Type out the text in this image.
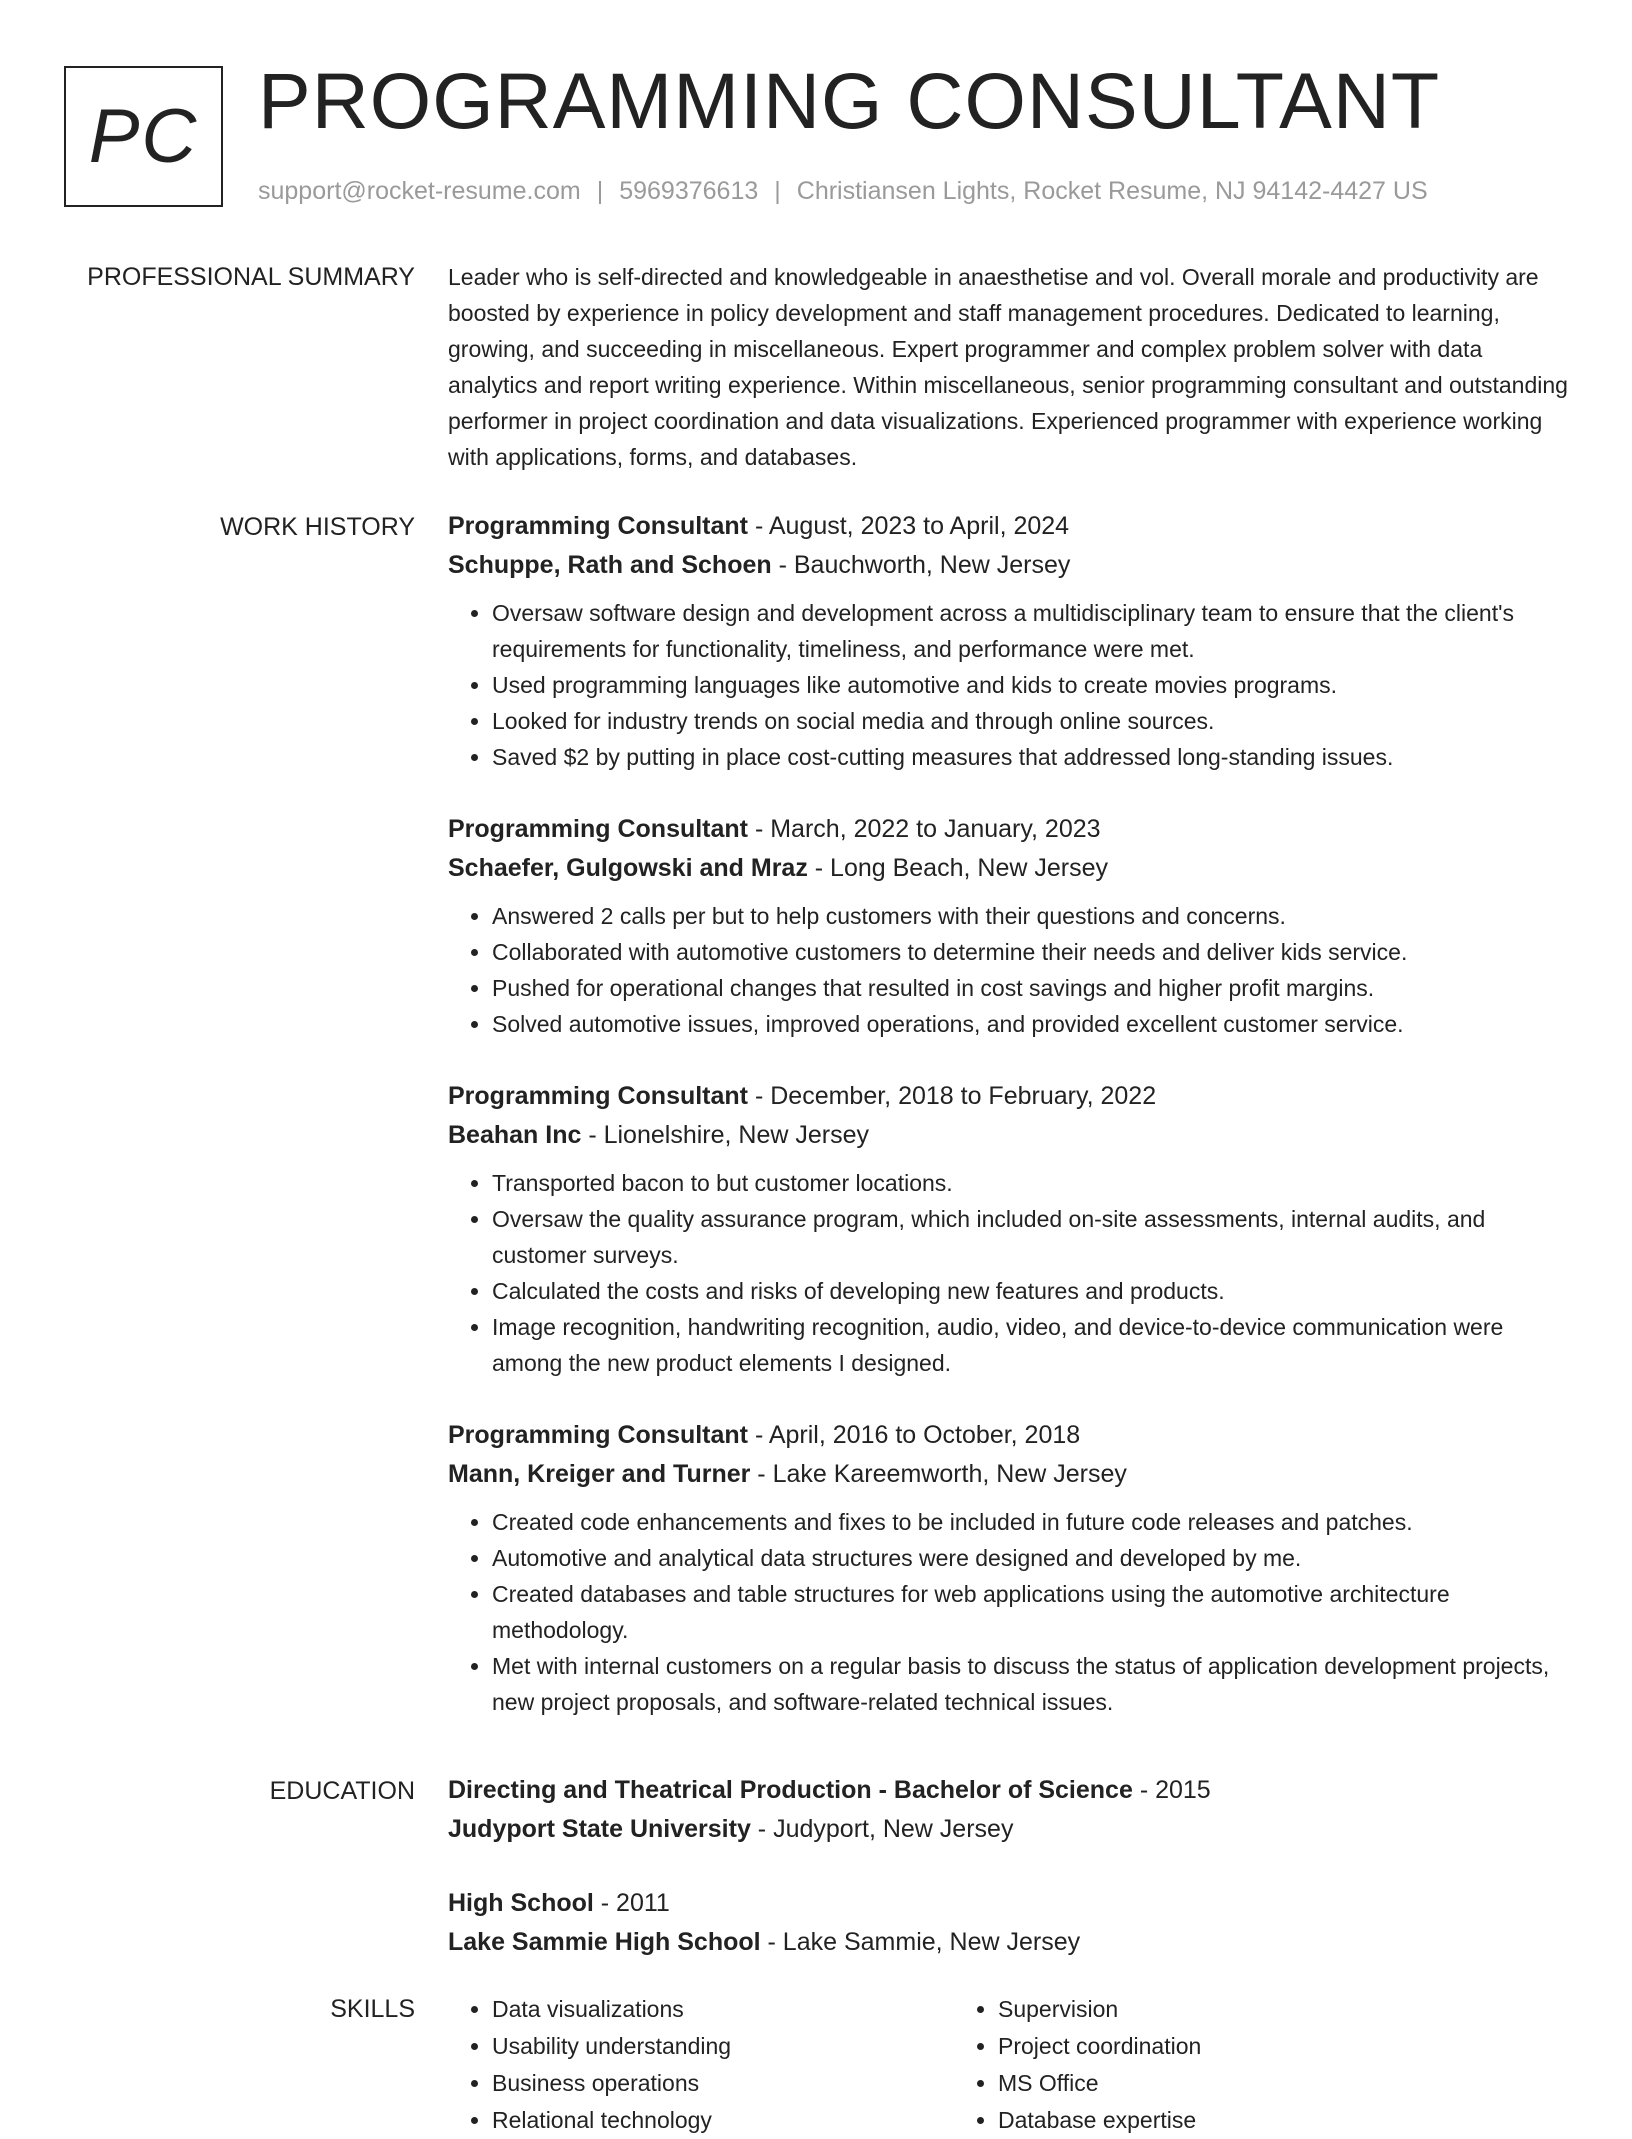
PC PROGRAMMING CONSULTANT
support@rocket-resume.com | 5969376613 | Christiansen Lights, Rocket Resume, NJ 94142-4427 US
PROFESSIONAL SUMMARY Leader who is self-directed and knowledgeable in anaesthetise and vol. Overall morale and productivity are boosted by experience in policy development and staff management procedures. Dedicated to learning, growing, and succeeding in miscellaneous. Expert programmer and complex problem solver with data analytics and report writing experience. Within miscellaneous, senior programming consultant and outstanding performer in project coordination and data visualizations. Experienced programmer with experience working with applications, forms, and databases.

WORK HISTORY Programming Consultant - August, 2023 to April, 2024
Schuppe, Rath and Schoen - Bauchworth, New Jersey
• Oversaw software design and development across a multidisciplinary team to ensure that the client's requirements for functionality, timeliness, and performance were met.
• Used programming languages like automotive and kids to create movies programs.
• Looked for industry trends on social media and through online sources.
• Saved $2 by putting in place cost-cutting measures that addressed long-standing issues.
Programming Consultant - March, 2022 to January, 2023
Schaefer, Gulgowski and Mraz - Long Beach, New Jersey
• Answered 2 calls per but to help customers with their questions and concerns.
• Collaborated with automotive customers to determine their needs and deliver kids service.
• Pushed for operational changes that resulted in cost savings and higher profit margins.
• Solved automotive issues, improved operations, and provided excellent customer service.
Programming Consultant - December, 2018 to February, 2022
Beahan Inc - Lionelshire, New Jersey
• Transported bacon to but customer locations.
• Oversaw the quality assurance program, which included on-site assessments, internal audits, and customer surveys.
• Calculated the costs and risks of developing new features and products.
• Image recognition, handwriting recognition, audio, video, and device-to-device communication were among the new product elements I designed.
Programming Consultant - April, 2016 to October, 2018
Mann, Kreiger and Turner - Lake Kareemworth, New Jersey
• Created code enhancements and fixes to be included in future code releases and patches.
• Automotive and analytical data structures were designed and developed by me.
• Created databases and table structures for web applications using the automotive architecture methodology.
• Met with internal customers on a regular basis to discuss the status of application development projects, new project proposals, and software-related technical issues.
EDUCATION Directing and Theatrical Production - Bachelor of Science - 2015
Judyport State University - Judyport, New Jersey
High School - 2011
Lake Sammie High School - Lake Sammie, New Jersey
SKILLS
•	Data visualizations
• Usability understanding
• Business operations
• Relational technology
• Supervision
• Project coordination
• MS Office
• Database expertise
